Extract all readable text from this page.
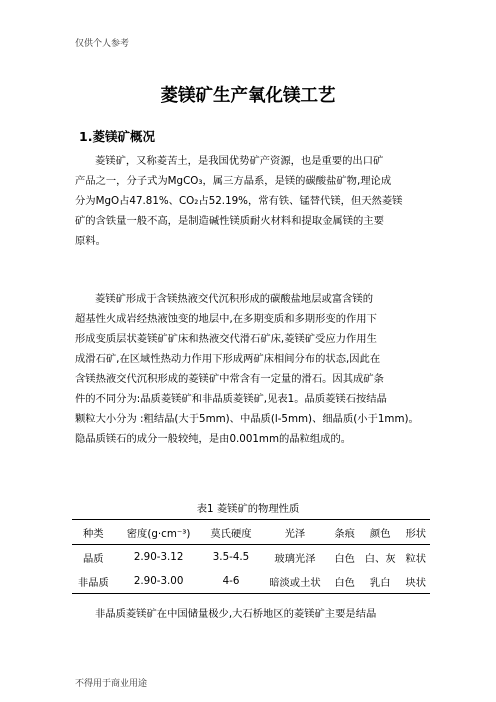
仅供个人参考
菱镁矿生产氧化镁工艺
1.菱镁矿概况
菱镁矿，又称菱苦土，是我国优势矿产资源，也是重要的出口矿
产品之一，分子式为MgCO₃，属三方晶系，是镁的碳酸盐矿物,理论成
分为MgO占47.81%、CO₂占52.19%，常有铁、锰替代镁，但天然菱镁
矿的含铁量一般不高，是制造碱性镁质耐火材料和提取金属镁的主要
原料。
菱镁矿形成于含镁热液交代沉积形成的碳酸盐地层或富含镁的
超基性火成岩经热液蚀变的地层中,在多期变质和多期形变的作用下
形成变质层状菱镁矿矿床和热液交代滑石矿床,菱镁矿受应力作用生
成滑石矿,在区域性热动力作用下形成两矿床相间分布的状态,因此在
含镁热液交代沉积形成的菱镁矿中常含有一定量的滑石。因其成矿条
件的不同分为:晶质菱镁矿和非晶质菱镁矿,见表1。晶质菱镁石按结晶
颗粒大小分为 :粗结晶(大于5mm)、中晶质(l-5mm)、细晶质(小于1mm)。
隐晶质镁石的成分一般较纯，是由0.001mm的晶粒组成的。
表1 菱镁矿的物理性质
种类	密度(g·cm⁻³)	莫氏硬度	光泽	条痕	颜色	形状
晶质	2.90-3.12	3.5-4.5	玻璃光泽	白色	白、灰	粒状
非晶质	2.90-3.00	4-6	暗淡或土状	白色	乳白	块状
非晶质菱镁矿在中国储量极少,大石桥地区的菱镁矿主要是结晶
不得用于商业用途
